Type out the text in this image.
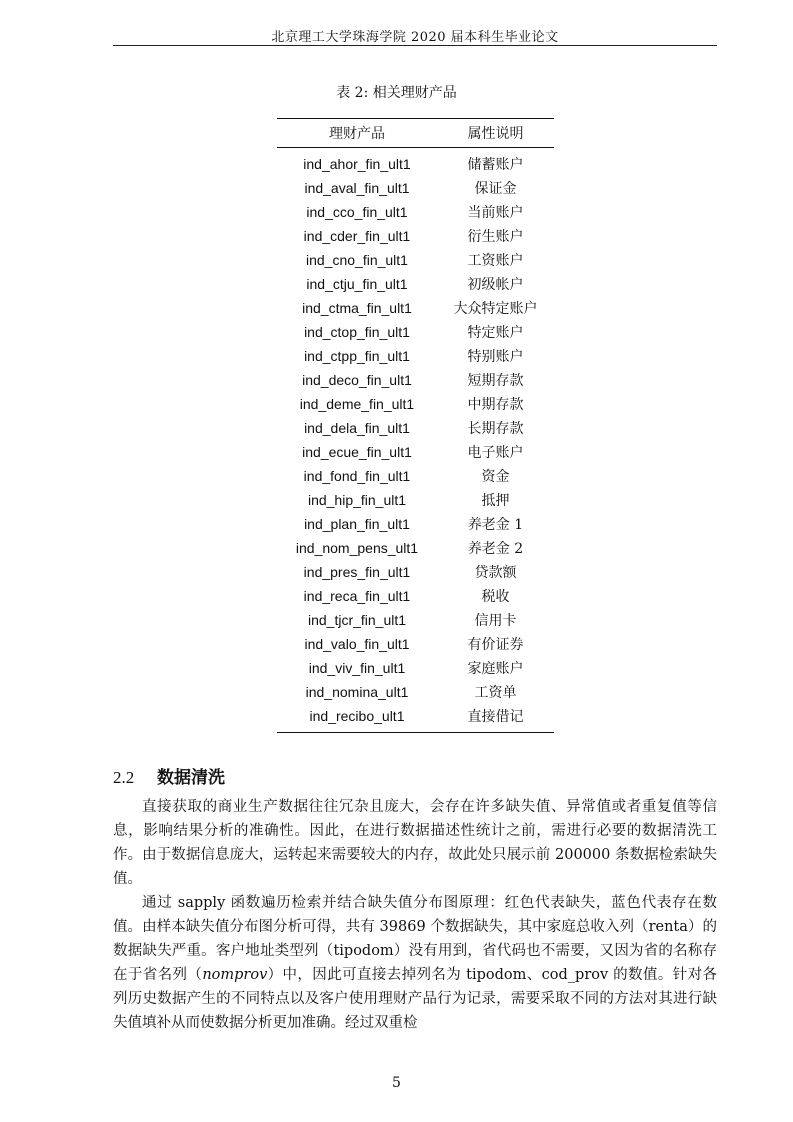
北京理工大学珠海学院 2020 届本科生毕业论文
表 2: 相关理财产品
理财产品	属性说明
ind_ahor_fin_ult1	储蓄账户
ind_aval_fin_ult1	保证金
ind_cco_fin_ult1	当前账户
ind_cder_fin_ult1	衍生账户
ind_cno_fin_ult1	工资账户
ind_ctju_fin_ult1	初级帐户
ind_ctma_fin_ult1	大众特定账户
ind_ctop_fin_ult1	特定账户
ind_ctpp_fin_ult1	特别账户
ind_deco_fin_ult1	短期存款
ind_deme_fin_ult1	中期存款
ind_dela_fin_ult1	长期存款
ind_ecue_fin_ult1	电子账户
ind_fond_fin_ult1	资金
ind_hip_fin_ult1	抵押
ind_plan_fin_ult1	养老金 1
ind_nom_pens_ult1	养老金 2
ind_pres_fin_ult1	贷款额
ind_reca_fin_ult1	税收
ind_tjcr_fin_ult1	信用卡
ind_valo_fin_ult1	有价证券
ind_viv_fin_ult1	家庭账户
ind_nomina_ult1	工资单
ind_recibo_ult1	直接借记
2.2 数据清洗

直接获取的商业生产数据往往冗杂且庞大，会存在许多缺失值、异常值或者重复值等信息，影响结果分析的准确性。因此，在进行数据描述性统计之前，需进行必要的数据清洗工作。由于数据信息庞大，运转起来需要较大的内存，故此处只展示前 200000 条数据检索缺失值。

通过 sapply 函数遍历检索并结合缺失值分布图原理：红色代表缺失，蓝色代表存在数值。由样本缺失值分布图分析可得，共有 39869 个数据缺失，其中家庭总收入列（renta）的数据缺失严重。客户地址类型列（tipodom）没有用到，省代码也不需要，又因为省的名称存在于省名列（nomprov）中，因此可直接去掉列名为 tipodom、cod_prov 的数值。针对各列历史数据产生的不同特点以及客户使用理财产品行为记录，需要采取不同的方法对其进行缺失值填补从而使数据分析更加准确。经过双重检

5
